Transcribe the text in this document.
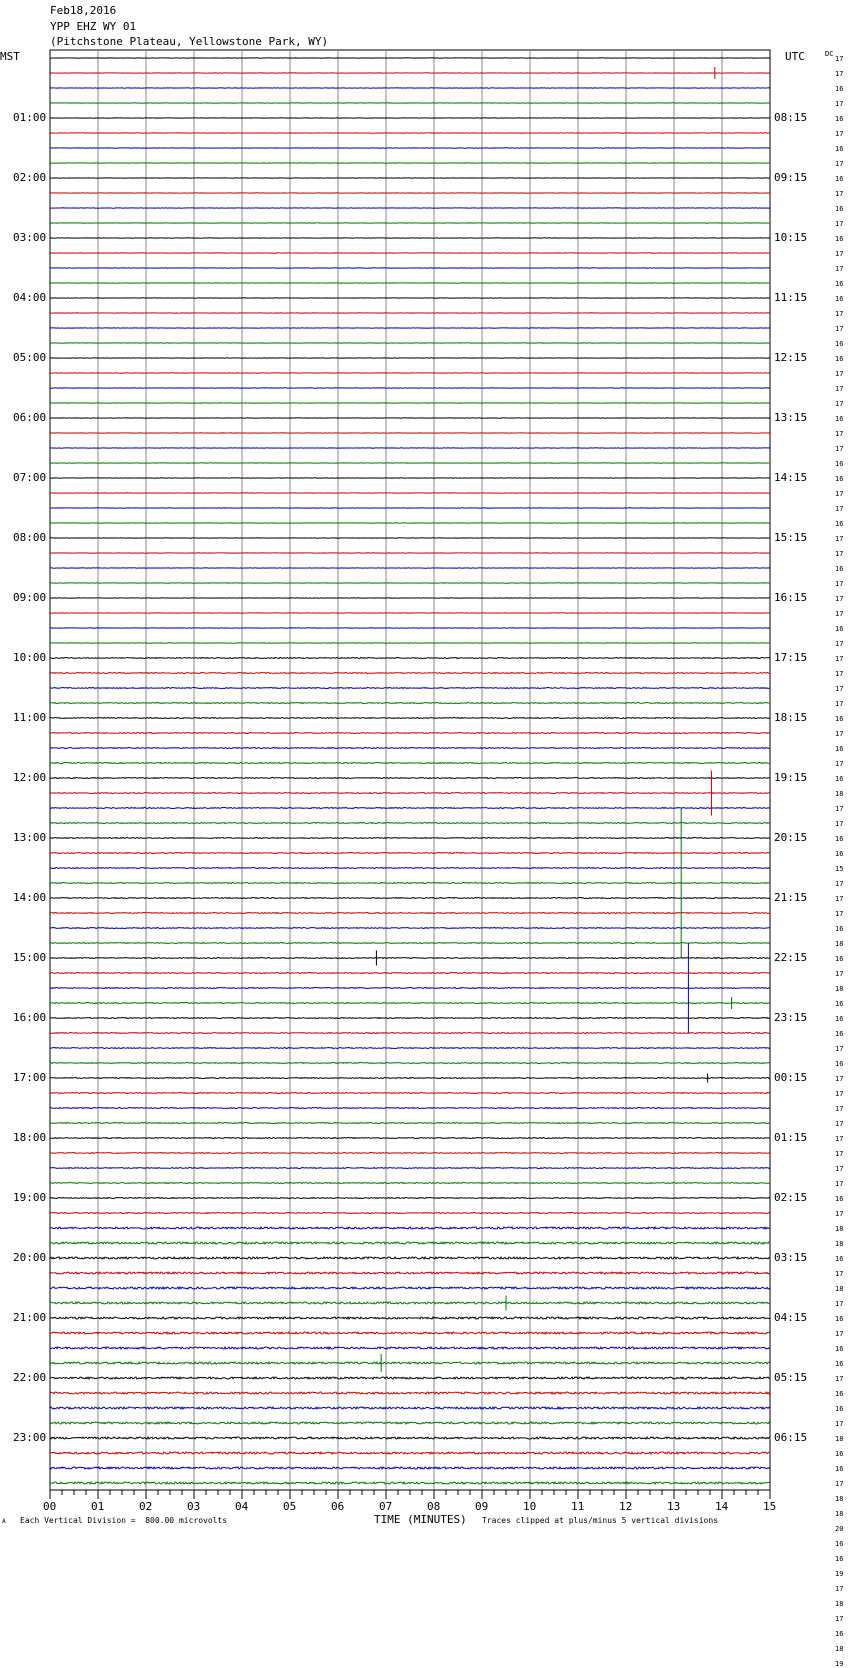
Feb18,2016
YPP EHZ WY 01
(Pitchstone Plateau, Yellowstone Park, WY)
MST	UTC	DC
01:00
02:00
03:00
04:00
05:00
06:00
07:00
08:00
09:00
10:00
11:00
12:00
13:00
14:00
15:00
16:00
17:00
18:00
19:00
20:00
21:00
22:00
23:00
08:15
09:15
10:15
11:15
12:15
13:15
14:15
15:15
16:15
17:15
18:15
19:15
20:15
21:15
22:15
23:15
00:15
01:15
02:15
03:15
04:15
05:15
06:15
17
17
16
17
16
17
16
17
16
17
16
17
16
17
17
16
16
17
17
16
16
17
17
17
16
17
17
16
16
17
17
16
17
17
16
17
17
17
16
17
17
17
17
17
16
17
16
17
16
18
17
17
16
16
15
17
17
17
16
18
16
17
18
16
16
16
17
16
17
17
17
17
17
17
17
17
16
17
18
18
16
17
18
17
16
17
16
16
17
16
16
17
18
16
16
17
18
18
20
16
16
19
17
18
17
16
18
19
00	01	02	03	04	05	06	07	08	09	10	11	12	13	14	15
A Each Vertical Division =  800.00 microvolts	TIME (MINUTES) Traces clipped at plus/minus 5 vertical divisions
